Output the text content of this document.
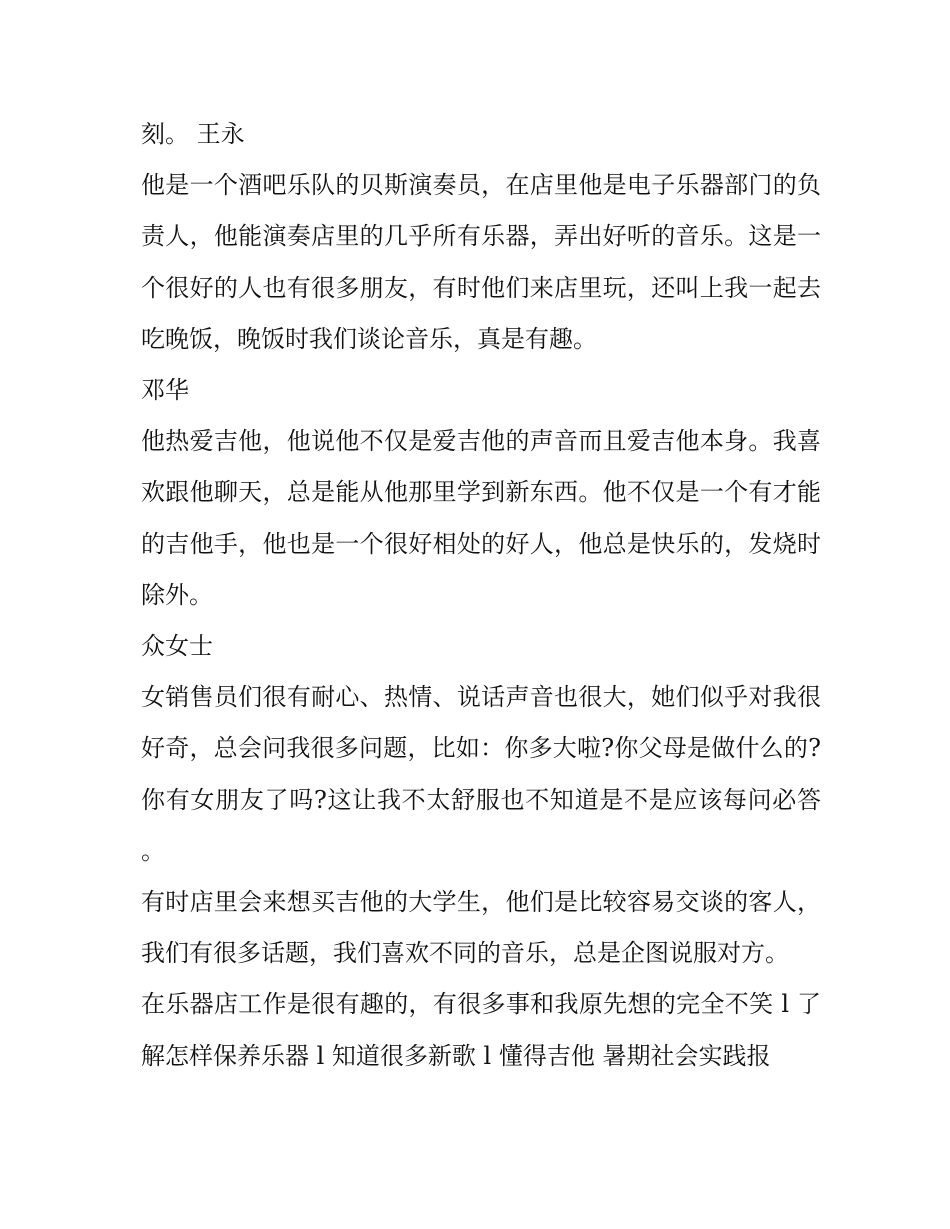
刻。 王永

他是一个酒吧乐队的贝斯演奏员，在店里他是电子乐器部门的负责人，他能演奏店里的几乎所有乐器，弄出好听的音乐。这是一个很好的人也有很多朋友，有时他们来店里玩，还叫上我一起去吃晚饭，晚饭时我们谈论音乐，真是有趣。

邓华

他热爱吉他，他说他不仅是爱吉他的声音而且爱吉他本身。我喜欢跟他聊天，总是能从他那里学到新东西。他不仅是一个有才能的吉他手，他也是一个很好相处的好人，他总是快乐的，发烧时除外。

众女士

女销售员们很有耐心、热情、说话声音也很大，她们似乎对我很好奇，总会问我很多问题，比如：你多大啦?你父母是做什么的?你有女朋友了吗?这让我不太舒服也不知道是不是应该每问必答。

有时店里会来想买吉他的大学生，他们是比较容易交谈的客人，我们有很多话题，我们喜欢不同的音乐，总是企图说服对方。

在乐器店工作是很有趣的，有很多事和我原先想的完全不笑 l 了解怎样保养乐器 l 知道很多新歌 l 懂得吉他 暑期社会实践报
